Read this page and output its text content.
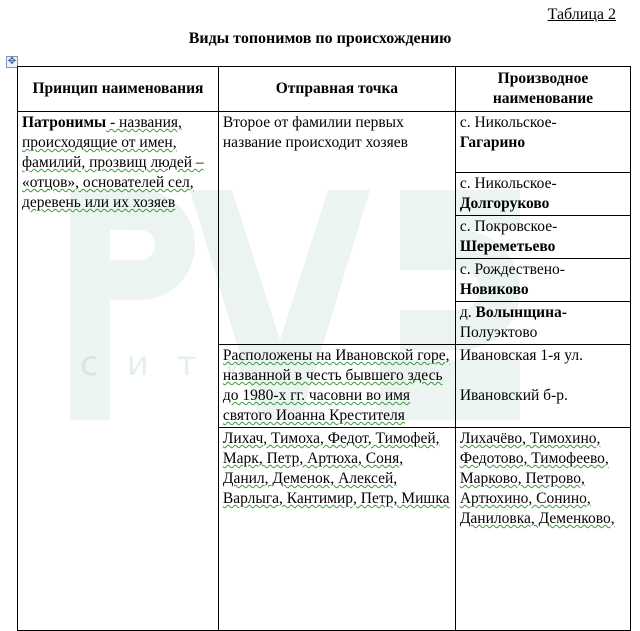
сити
Таблица 2
Виды топонимов по происхождению
✥
Принцип наименования	Отправная точка	Производное наименование
Патронимы - названия, происходящие от имен, фамилий, прозвищ людей – «отцов», основателей сел, деревень или их хозяев	Второе от фамилии первых название происходит хозяев	с. Никольское-
Гагарино
		с. Никольское-
Долгоруково
		с. Покровское-
Шереметьево
		с. Рождествено-
Новиково
		д. Волынщина-
Полуэктово
	Расположены на Ивановской горе, названной в честь бывшего здесь до 1980-х гг. часовни во имя святого Иоанна Крестителя	Ивановская 1-я ул.
Ивановский б-р.

	Лихач, Тимоха, Федот, Тимофей, Марк, Петр, Артюха, Соня, Данил, Деменок, Алексей, Варлыга, Кантимир, Петр, Мишка	Лихачёво, Тимохино, Федотово, Тимофеево, Марково, Петрово, Артюхино, Сонино, Даниловка, Деменково,
